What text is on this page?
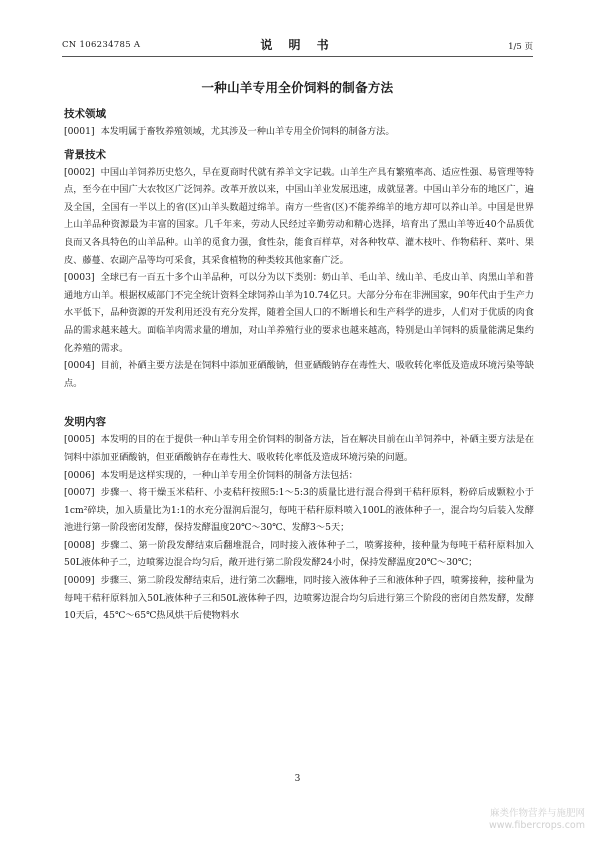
CN 106234785 A	说 明 书	1/5 页
一种山羊专用全价饲料的制备方法
技术领域

[0001] 本发明属于畜牧养殖领域，尤其涉及一种山羊专用全价饲料的制备方法。

背景技术

[0002] 中国山羊饲养历史悠久，早在夏商时代就有养羊文字记载。山羊生产具有繁殖率高、适应性强、易管理等特点，至今在中国广大农牧区广泛饲养。改革开放以来，中国山羊业发展迅速，成就显著。中国山羊分布的地区广，遍及全国，全国有一半以上的省(区)山羊头数超过绵羊。南方一些省(区)不能养绵羊的地方却可以养山羊。中国是世界上山羊品种资源最为丰富的国家。几千年来，劳动人民经过辛勤劳动和精心选择，培育出了黑山羊等近40个品质优良而又各具特色的山羊品种。山羊的觅食力强，食性杂，能食百样草，对各种牧草、灌木枝叶、作物秸秆、菜叶、果皮、藤蔓、农副产品等均可采食，其采食植物的种类较其他家畜广泛。

[0003] 全球已有一百五十多个山羊品种，可以分为以下类别：奶山羊、毛山羊、绒山羊、毛皮山羊、肉黑山羊和普通地方山羊。根据权威部门不完全统计资料全球饲养山羊为10.74亿只。大部分分布在非洲国家，90年代由于生产力水平低下，品种资源的开发利用还没有充分发挥，随着全国人口的不断增长和生产科学的进步，人们对于优质的肉食品的需求越来越大。面临羊肉需求量的增加，对山羊养殖行业的要求也越来越高，特别是山羊饲料的质量能满足集约化养殖的需求。

[0004] 目前，补硒主要方法是在饲料中添加亚硒酸钠，但亚硒酸钠存在毒性大、吸收转化率低及造成环境污染等缺点。

发明内容

[0005] 本发明的目的在于提供一种山羊专用全价饲料的制备方法，旨在解决目前在山羊饲养中，补硒主要方法是在饲料中添加亚硒酸钠，但亚硒酸钠存在毒性大、吸收转化率低及造成环境污染的问题。

[0006] 本发明是这样实现的，一种山羊专用全价饲料的制备方法包括：

[0007] 步骤一、将干燥玉米秸秆、小麦秸秆按照5:1～5:3的质量比进行混合得到干秸秆原料，粉碎后成颗粒小于1cm²碎块，加入质量比为1:1的水充分湿润后混匀，每吨干秸秆原料喷入100L的液体种子一，混合均匀后装入发酵池进行第一阶段密闭发酵，保持发酵温度20℃～30℃、发酵3～5天；

[0008] 步骤二、第一阶段发酵结束后翻堆混合，同时接入液体种子二，喷雾接种，接种量为每吨干秸秆原料加入50L液体种子二，边喷雾边混合均匀后，敞开进行第二阶段发酵24小时，保持发酵温度20℃～30℃；

[0009] 步骤三、第二阶段发酵结束后，进行第二次翻堆，同时接入液体种子三和液体种子四，喷雾接种，接种量为每吨干秸秆原料加入50L液体种子三和50L液体种子四，边喷雾边混合均匀后进行第三个阶段的密闭自然发酵，发酵10天后，45℃～65℃热风烘干后使物料水

3
麻类作物营养与施肥网
www.fibercrops.com
